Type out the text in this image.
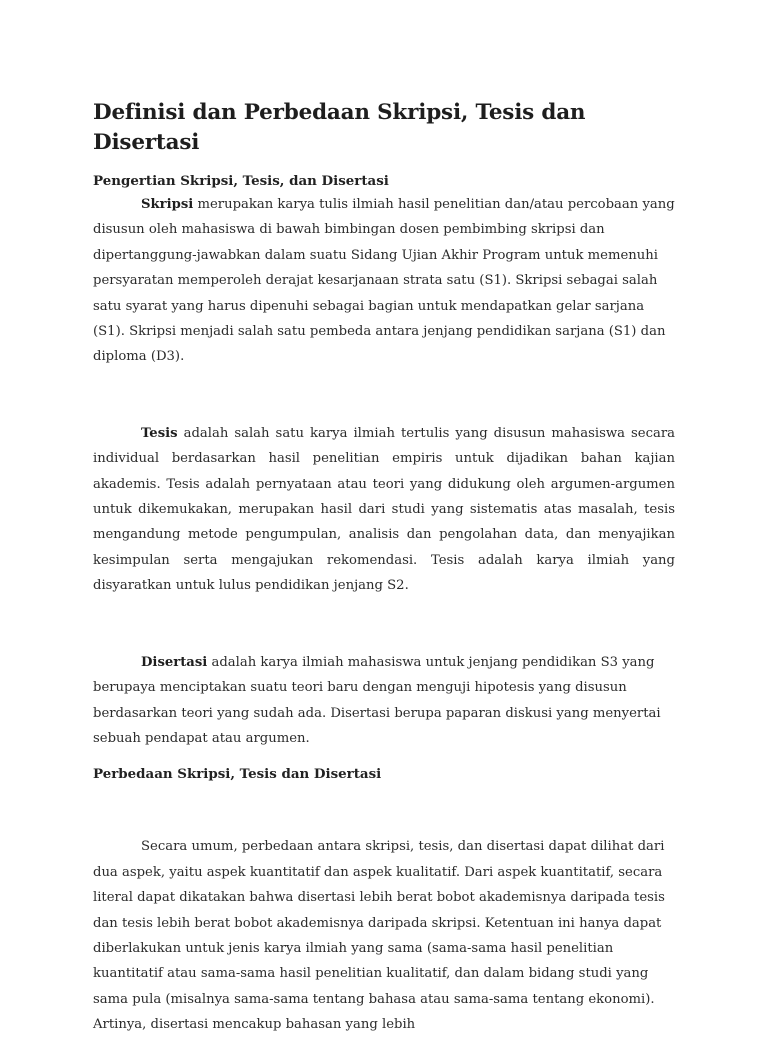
Definisi dan Perbedaan Skripsi, Tesis dan Disertasi
Pengertian Skripsi, Tesis, dan Disertasi

Skripsi merupakan karya tulis ilmiah hasil penelitian dan/atau percobaan yang disusun oleh mahasiswa di bawah bimbingan dosen pembimbing skripsi dan dipertanggung-jawabkan dalam suatu Sidang Ujian Akhir Program untuk memenuhi persyaratan memperoleh derajat kesarjanaan strata satu (S1). Skripsi sebagai salah satu syarat yang harus dipenuhi sebagai bagian untuk mendapatkan gelar sarjana (S1). Skripsi menjadi salah satu pembeda antara jenjang pendidikan sarjana (S1) dan diploma (D3).

Tesis adalah salah satu karya ilmiah tertulis yang disusun mahasiswa secara individual berdasarkan hasil penelitian empiris untuk dijadikan bahan kajian akademis. Tesis adalah pernyataan atau teori yang didukung oleh argumen-argumen untuk dikemukakan, merupakan hasil dari studi yang sistematis atas masalah, tesis mengandung metode pengumpulan, analisis dan pengolahan data, dan menyajikan kesimpulan serta mengajukan rekomendasi. Tesis adalah karya ilmiah yang disyaratkan untuk lulus pendidikan jenjang S2.

Disertasi adalah karya ilmiah mahasiswa untuk jenjang pendidikan S3 yang berupaya menciptakan suatu teori baru dengan menguji hipotesis yang disusun berdasarkan teori yang sudah ada. Disertasi berupa paparan diskusi yang menyertai sebuah pendapat atau argumen.

Perbedaan Skripsi, Tesis dan Disertasi

Secara umum, perbedaan antara skripsi, tesis, dan disertasi dapat dilihat dari dua aspek, yaitu aspek kuantitatif dan aspek kualitatif. Dari aspek kuantitatif, secara literal dapat dikatakan bahwa disertasi lebih berat bobot akademisnya daripada tesis dan tesis lebih berat bobot akademisnya daripada skripsi. Ketentuan ini hanya dapat diberlakukan untuk jenis karya ilmiah yang sama (sama-sama hasil penelitian kuantitatif atau sama-sama hasil penelitian kualitatif, dan dalam bidang studi yang sama pula (misalnya sama-sama tentang bahasa atau sama-sama tentang ekonomi). Artinya, disertasi mencakup bahasan yang lebih
